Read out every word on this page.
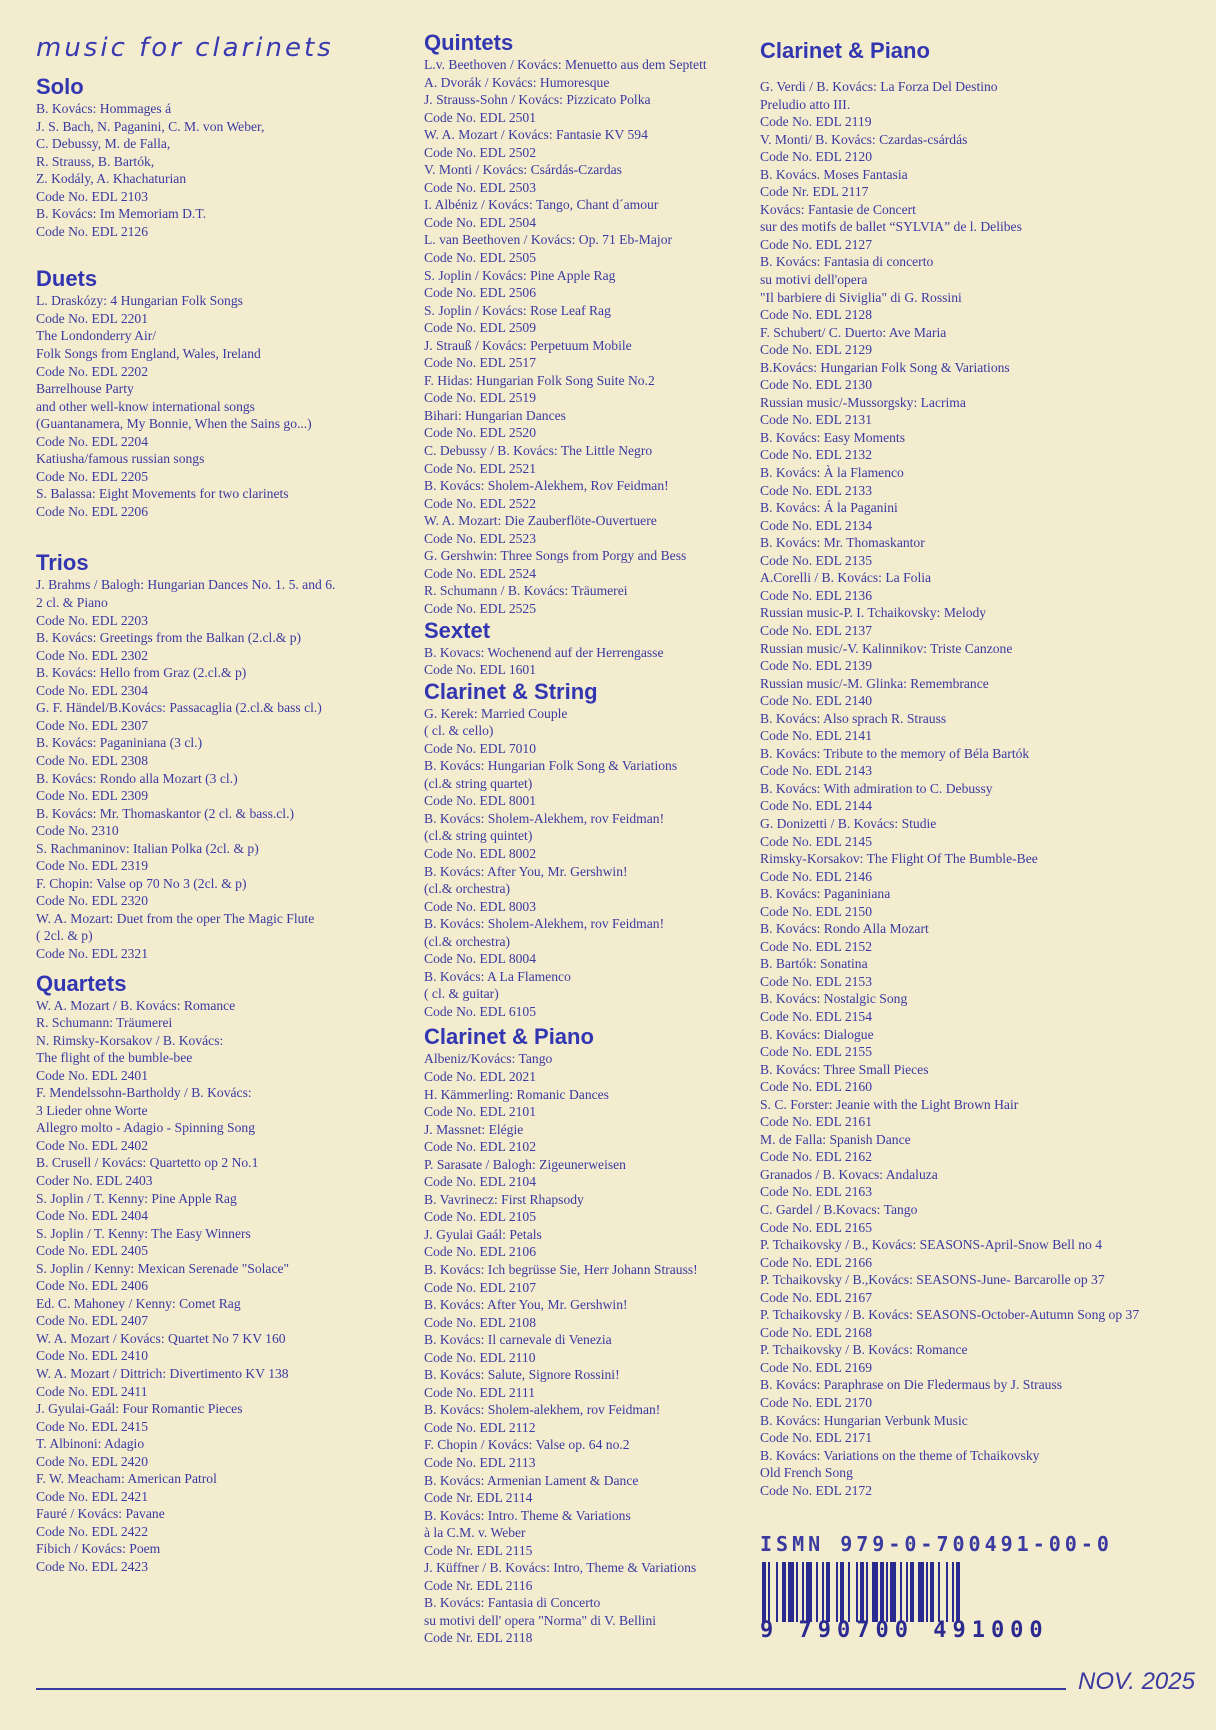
music for clarinets
Solo
B. Kovács: Hommages á
J. S. Bach, N. Paganini, C. M. von Weber,
C. Debussy, M. de Falla,
R. Strauss, B. Bartók,
Z. Kodály, A. Khachaturian
Code No. EDL 2103
B. Kovács: Im Memoriam D.T.
Code No. EDL 2126
Duets
L. Draskózy: 4 Hungarian Folk Songs
Code No. EDL 2201
The Londonderry Air/
Folk Songs from England, Wales, Ireland
Code No. EDL 2202
Barrelhouse Party
and other well-know international songs
(Guantanamera, My Bonnie, When the Sains go...)
Code No. EDL 2204
Katiusha/famous russian songs
Code No. EDL 2205
S. Balassa: Eight Movements for two clarinets
Code No. EDL 2206
Trios
J. Brahms / Balogh: Hungarian Dances No. 1. 5. and 6.
2 cl. & Piano
Code No. EDL 2203
B. Kovács: Greetings from the Balkan (2.cl.& p)
Code No. EDL 2302
B. Kovács: Hello from Graz (2.cl.& p)
Code No. EDL 2304
G. F. Händel/B.Kovács: Passacaglia (2.cl.& bass cl.)
Code No. EDL 2307
B. Kovács: Paganiniana (3 cl.)
Code No. EDL 2308
B. Kovács: Rondo alla Mozart (3 cl.)
Code No. EDL 2309
B. Kovács: Mr. Thomaskantor (2 cl. & bass.cl.)
Code No. 2310
S. Rachmaninov: Italian Polka (2cl. & p)
Code No. EDL 2319
F. Chopin: Valse op 70 No 3 (2cl. & p)
Code No. EDL 2320
W. A. Mozart: Duet from the oper The Magic Flute
( 2cl. & p)
Code No. EDL 2321
Quartets
W. A. Mozart / B. Kovács: Romance
R. Schumann: Träumerei
N. Rimsky-Korsakov / B. Kovács:
The flight of the bumble-bee
Code No. EDL 2401
F. Mendelssohn-Bartholdy / B. Kovács:
3 Lieder ohne Worte
Allegro molto - Adagio - Spinning Song
Code No. EDL 2402
B. Crusell / Kovács: Quartetto op 2 No.1
Coder No. EDL 2403
S. Joplin / T. Kenny: Pine Apple Rag
Code No. EDL 2404
S. Joplin / T. Kenny: The Easy Winners
Code No. EDL 2405
S. Joplin / Kenny: Mexican Serenade "Solace"
Code No. EDL 2406
Ed. C. Mahoney / Kenny: Comet Rag
Code No. EDL 2407
W. A. Mozart / Kovács: Quartet No 7 KV 160
Code No. EDL 2410
W. A. Mozart / Dittrich: Divertimento KV 138
Code No. EDL 2411
J. Gyulai-Gaál: Four Romantic Pieces
Code No. EDL 2415
T. Albinoni: Adagio
Code No. EDL 2420
F. W. Meacham: American Patrol
Code No. EDL 2421
Fauré / Kovács: Pavane
Code No. EDL 2422
Fibich / Kovács: Poem
Code No. EDL 2423
Quintets
L.v. Beethoven / Kovács: Menuetto aus dem Septett
A. Dvorák / Kovács: Humoresque
J. Strauss-Sohn / Kovács: Pizzicato Polka
Code No. EDL 2501
W. A. Mozart / Kovács: Fantasie KV 594
Code No. EDL 2502
V. Monti / Kovács: Csárdás-Czardas
Code No. EDL 2503
I. Albéniz / Kovács: Tango, Chant d´amour
Code No. EDL 2504
L. van Beethoven / Kovács: Op. 71 Eb-Major
Code No. EDL 2505
S. Joplin / Kovács: Pine Apple Rag
Code No. EDL 2506
S. Joplin / Kovács: Rose Leaf Rag
Code No. EDL 2509
J. Strauß / Kovács: Perpetuum Mobile
Code No. EDL 2517
F. Hidas: Hungarian Folk Song Suite No.2
Code No. EDL 2519
Bihari: Hungarian Dances
Code No. EDL 2520
C. Debussy / B. Kovács: The Little Negro
Code No. EDL 2521
B. Kovács: Sholem-Alekhem, Rov Feidman!
Code No. EDL 2522
W. A. Mozart: Die Zauberflöte-Ouvertuere
Code No. EDL 2523
G. Gershwin: Three Songs from Porgy and Bess
Code No. EDL 2524
R. Schumann / B. Kovács: Träumerei
Code No. EDL 2525
Sextet
B. Kovacs: Wochenend auf der Herrengasse
Code No. EDL 1601
Clarinet & String
G. Kerek: Married Couple
( cl. & cello)
Code No. EDL 7010
B. Kovács: Hungarian Folk Song & Variations
(cl.& string quartet)
Code No. EDL 8001
B. Kovács: Sholem-Alekhem, rov Feidman!
(cl.& string quintet)
Code No. EDL 8002
B. Kovács: After You, Mr. Gershwin!
(cl.& orchestra)
Code No. EDL 8003
B. Kovács: Sholem-Alekhem, rov Feidman!
(cl.& orchestra)
Code No. EDL 8004
B. Kovács: A La Flamenco
( cl. & guitar)
Code No. EDL 6105
Clarinet & Piano
Albeniz/Kovács: Tango
Code No. EDL 2021
H. Kämmerling: Romanic Dances
Code No. EDL 2101
J. Massnet: Elégie
Code No. EDL 2102
P. Sarasate / Balogh: Zigeunerweisen
Code No. EDL 2104
B. Vavrinecz: First Rhapsody
Code No. EDL 2105
J. Gyulai Gaál: Petals
Code No. EDL 2106
B. Kovács: Ich begrüsse Sie, Herr Johann Strauss!
Code No. EDL 2107
B. Kovács: After You, Mr. Gershwin!
Code No. EDL 2108
B. Kovács: Il carnevale di Venezia
Code No. EDL 2110
B. Kovács: Salute, Signore Rossini!
Code No. EDL 2111
B. Kovács: Sholem-alekhem, rov Feidman!
Code No. EDL 2112
F. Chopin / Kovács: Valse op. 64 no.2
Code No. EDL 2113
B. Kovács: Armenian Lament & Dance
Code Nr. EDL 2114
B. Kovács: Intro. Theme & Variations
à la C.M. v. Weber
Code Nr. EDL 2115
J. Küffner / B. Kovács: Intro, Theme & Variations
Code Nr. EDL 2116
B. Kovács: Fantasia di Concerto
su motivi dell' opera "Norma" di V. Bellini
Code Nr. EDL 2118
Clarinet & Piano
G. Verdi / B. Kovács: La Forza Del Destino
Preludio atto III.
Code No. EDL 2119
V. Monti/ B. Kovács: Czardas-csárdás
Code No. EDL 2120
B. Kovács. Moses Fantasia
Code Nr. EDL 2117
Kovács: Fantasie de Concert
sur des motifs de ballet “SYLVIA” de l. Delibes
Code No. EDL 2127
B. Kovács: Fantasia di concerto
su motivi dell'opera
"Il barbiere di Siviglia" di G. Rossini
Code No. EDL 2128
F. Schubert/ C. Duerto: Ave Maria
Code No. EDL 2129
B.Kovács: Hungarian Folk Song & Variations
Code No. EDL 2130
Russian music/-Mussorgsky: Lacrima
Code No. EDL 2131
B. Kovács: Easy Moments
Code No. EDL 2132
B. Kovács: À la Flamenco
Code No. EDL 2133
B. Kovács: Á la Paganini
Code No. EDL 2134
B. Kovács: Mr. Thomaskantor
Code No. EDL 2135
A.Corelli / B. Kovács: La Folia
Code No. EDL 2136
Russian music-P. I. Tchaikovsky: Melody
Code No. EDL 2137
Russian music/-V. Kalinnikov: Triste Canzone
Code No. EDL 2139
Russian music/-M. Glinka: Remembrance
Code No. EDL 2140
B. Kovács: Also sprach R. Strauss
Code No. EDL 2141
B. Kovács: Tribute to the memory of Béla Bartók
Code No. EDL 2143
B. Kovács: With admiration to C. Debussy
Code No. EDL 2144
G. Donizetti / B. Kovács: Studie
Code No. EDL 2145
Rimsky-Korsakov: The Flight Of The Bumble-Bee
Code No. EDL 2146
B. Kovács: Paganiniana
Code No. EDL 2150
B. Kovács: Rondo Alla Mozart
Code No. EDL 2152
B. Bartók: Sonatina
Code No. EDL 2153
B. Kovács: Nostalgic Song
Code No. EDL 2154
B. Kovács: Dialogue
Code No. EDL 2155
B. Kovács: Three Small Pieces
Code No. EDL 2160
S. C. Forster: Jeanie with the Light Brown Hair
Code No. EDL 2161
M. de Falla: Spanish Dance
Code No. EDL 2162
Granados / B. Kovacs: Andaluza
Code No. EDL 2163
C. Gardel / B.Kovacs: Tango
Code No. EDL 2165
P. Tchaikovsky / B., Kovács: SEASONS-April-Snow Bell no 4
Code No. EDL 2166
P. Tchaikovsky / B.,Kovács: SEASONS-June- Barcarolle op 37
Code No. EDL 2167
P. Tchaikovsky / B. Kovács: SEASONS-October-Autumn Song op 37
Code No. EDL 2168
P. Tchaikovsky / B. Kovács: Romance
Code No. EDL 2169
B. Kovács: Paraphrase on Die Fledermaus by J. Strauss
Code No. EDL 2170
B. Kovács: Hungarian Verbunk Music
Code No. EDL 2171
B. Kovács: Variations on the theme of Tchaikovsky
Old French Song
Code No. EDL 2172
ISMN 979-0-700491-00-0
9 790700 491000
NOV. 2025
